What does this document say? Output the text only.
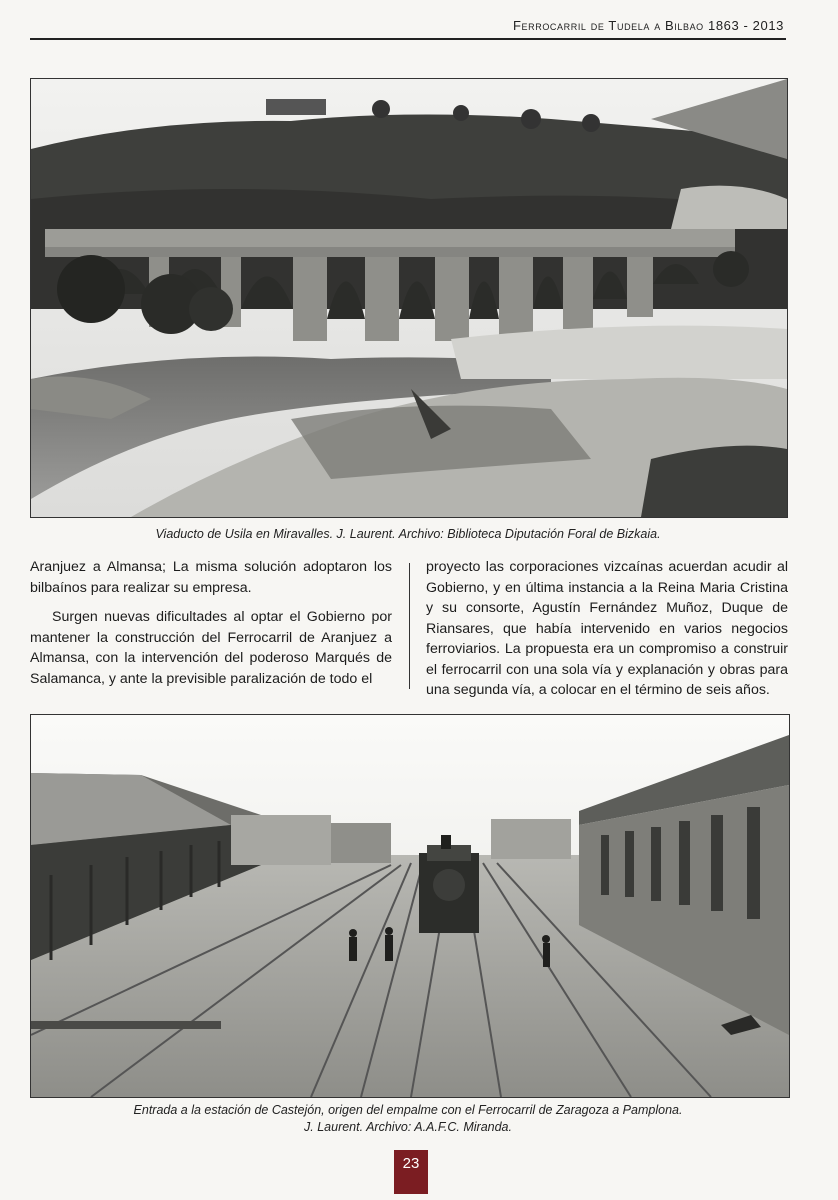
Ferrocarril de Tudela a Bilbao 1863 - 2013
Viaducto de Usila en Miravalles. J. Laurent. Archivo: Biblioteca Diputación Foral de Bizkaia.

Aranjuez a Almansa; La misma solución adoptaron los bilbaínos para realizar su empresa.

Surgen nuevas dificultades al optar el Gobierno por mantener la construcción del Ferrocarril de Aranjuez a Almansa, con la intervención del poderoso Marqués de Salamanca, y ante la previsible paralización de todo el

proyecto las corporaciones vizcaínas acuerdan acudir al Gobierno, y en última instancia a la Reina Maria Cristina y su consorte, Agustín Fernández Muñoz, Duque de Riansares, que había intervenido en varios negocios ferroviarios. La propuesta era un compromiso a construir el ferrocarril con una sola vía y explanación y obras para una segunda vía, a colocar en el término de seis años.

Entrada a la estación de Castejón, origen del empalme con el Ferrocarril de Zaragoza a Pamplona.
J. Laurent. Archivo: A.A.F.C. Miranda.
23
